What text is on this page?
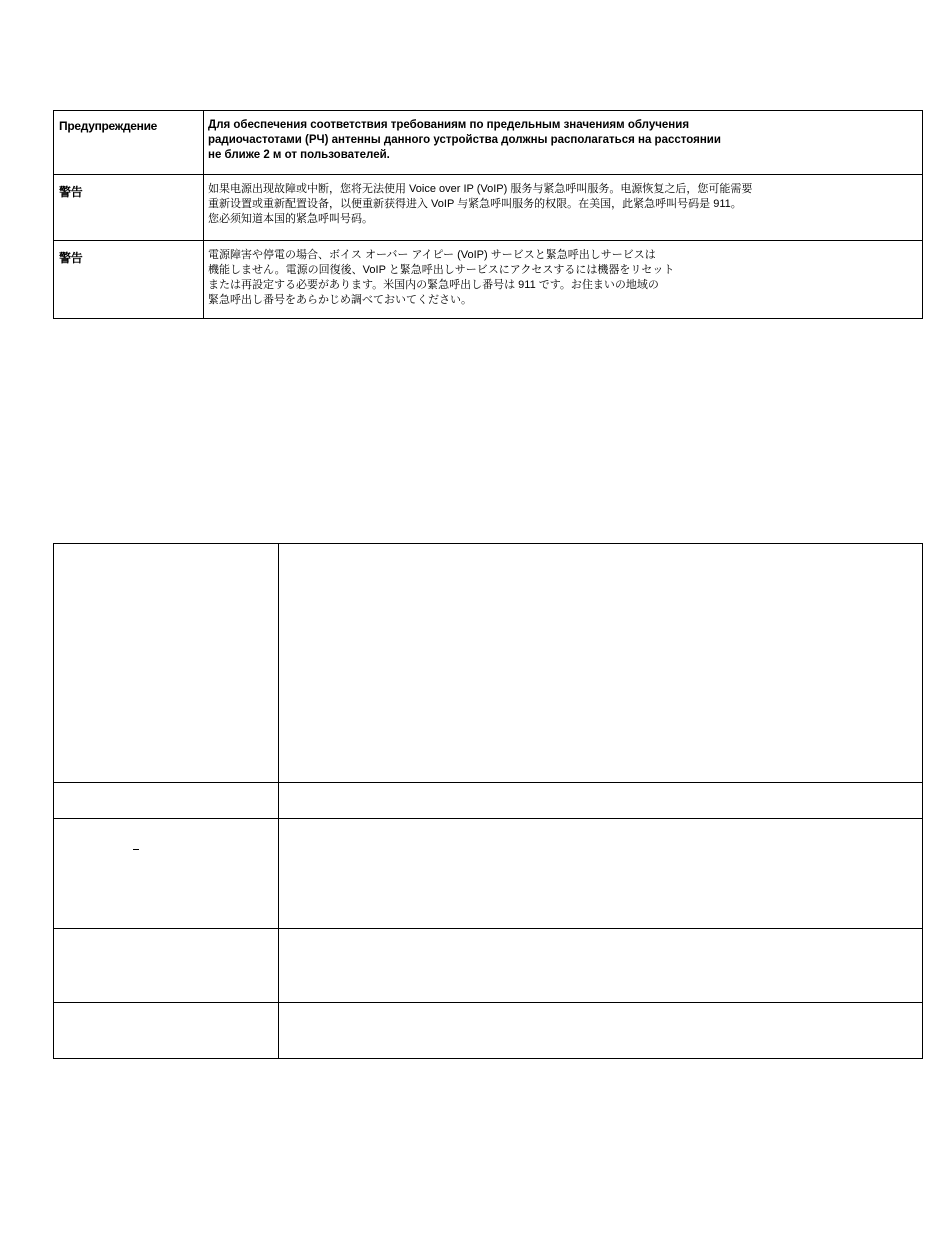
Предупреждение	Для обеспечения соответствия требованиям по предельным значениям облучения
радиочастотами (РЧ) антенны данного устройства должны располагаться на расстоянии
не ближе 2 м от пользователей.

警告	如果电源出现故障或中断，您将无法使用 Voice over IP (VoIP) 服务与紧急呼叫服务。电源恢复之后，您可能需要
重新设置或重新配置设备，以便重新获得进入 VoIP 与紧急呼叫服务的权限。在美国，此紧急呼叫号码是 911。
您必须知道本国的紧急呼叫号码。

警告	電源障害や停電の場合、ボイス オーバー アイピー (VoIP) サービスと緊急呼出しサービスは
機能しません。電源の回復後、VoIP と緊急呼出しサービスにアクセスするには機器をリセット
または再設定する必要があります。米国内の緊急呼出し番号は 911 です。お住まいの地域の
緊急呼出し番号をあらかじめ調べておいてください。
